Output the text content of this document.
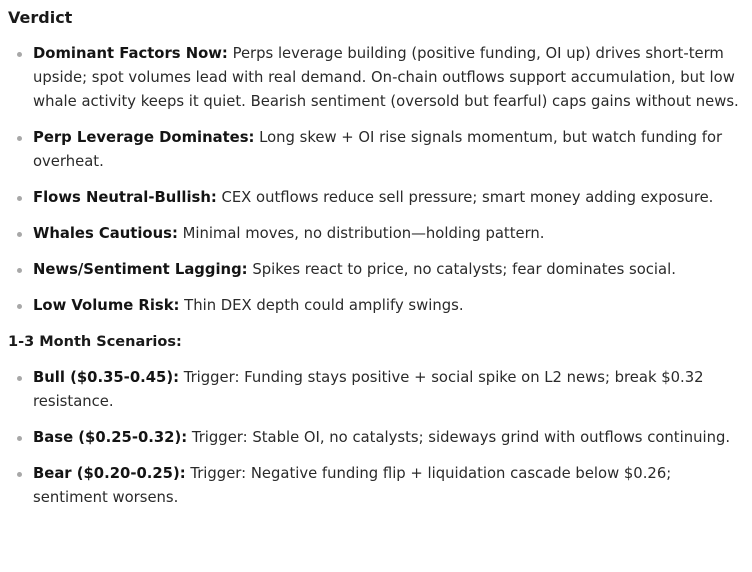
Verdict
Dominant Factors Now: Perps leverage building (positive funding, OI up) drives short-term upside; spot volumes lead with real demand. On-chain outflows support accumulation, but low whale activity keeps it quiet. Bearish sentiment (oversold but fearful) caps gains without news.
Perp Leverage Dominates: Long skew + OI rise signals momentum, but watch funding for overheat.
Flows Neutral-Bullish: CEX outflows reduce sell pressure; smart money adding exposure.
Whales Cautious: Minimal moves, no distribution—holding pattern.
News/Sentiment Lagging: Spikes react to price, no catalysts; fear dominates social.
Low Volume Risk: Thin DEX depth could amplify swings.
1-3 Month Scenarios:
Bull ($0.35-0.45): Trigger: Funding stays positive + social spike on L2 news; break $0.32 resistance.
Base ($0.25-0.32): Trigger: Stable OI, no catalysts; sideways grind with outflows continuing.
Bear ($0.20-0.25): Trigger: Negative funding flip + liquidation cascade below $0.26; sentiment worsens.
